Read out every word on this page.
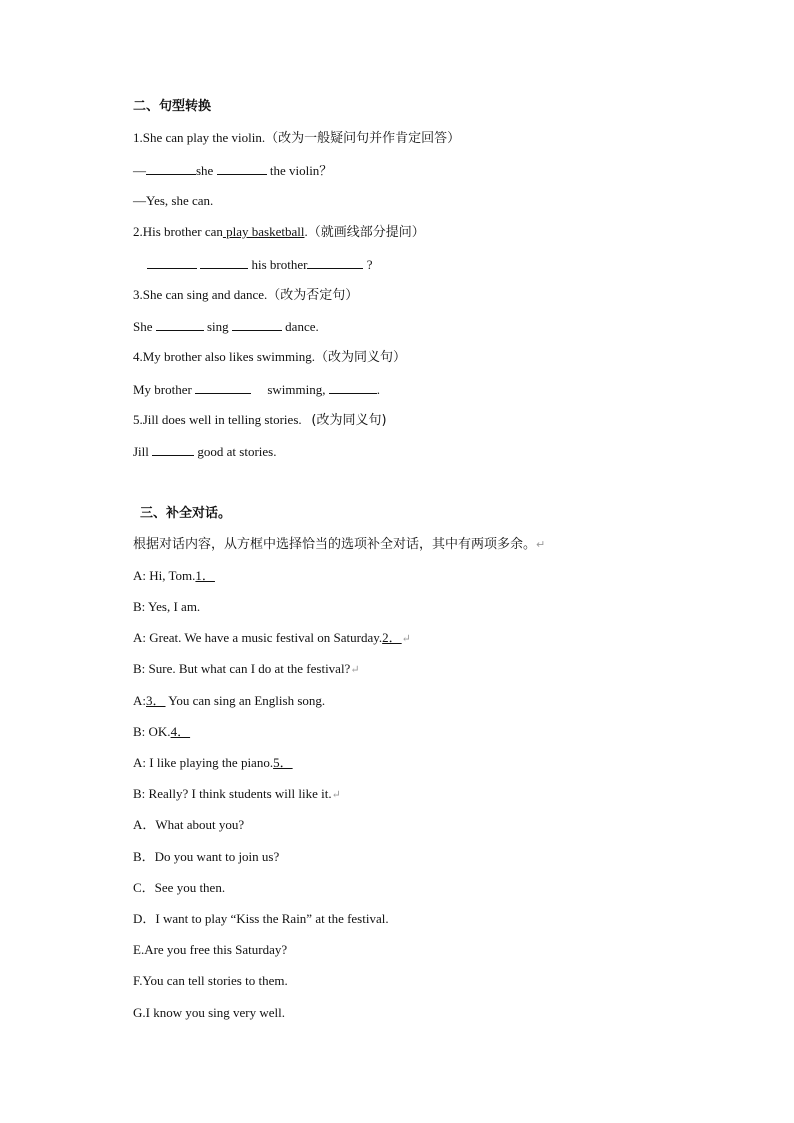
二、句型转换
1.She can play the violin.（改为一般疑问句并作肯定回答）
—	she	the violin？
—Yes, she can.
2.His brother can play basketball.（就画线部分提问）
his brother	?
3.She can sing and dance.（改为否定句）
She	sing	dance.
4.My brother also likes swimming.（改为同义句）
My brother	swimming,	.
5.Jill does well in telling stories. (改为同义句)
Jill	good at stories.
三、补全对话。
根据对话内容，从方框中选择恰当的选项补全对话，其中有两项多余。↵
A: Hi, Tom.1．
B: Yes, I am.
A: Great. We have a music festival on Saturday.2．↵
B: Sure. But what can I do at the festival?↵
A:3． You can sing an English song.
B: OK.4．
A: I like playing the piano.5．
B: Really? I think students will like it.↵
A．What about you?
B．Do you want to join us?
C．See you then.
D．I want to play “Kiss the Rain” at the festival.
E.Are you free this Saturday?
F.You can tell stories to them.
G.I know you sing very well.
